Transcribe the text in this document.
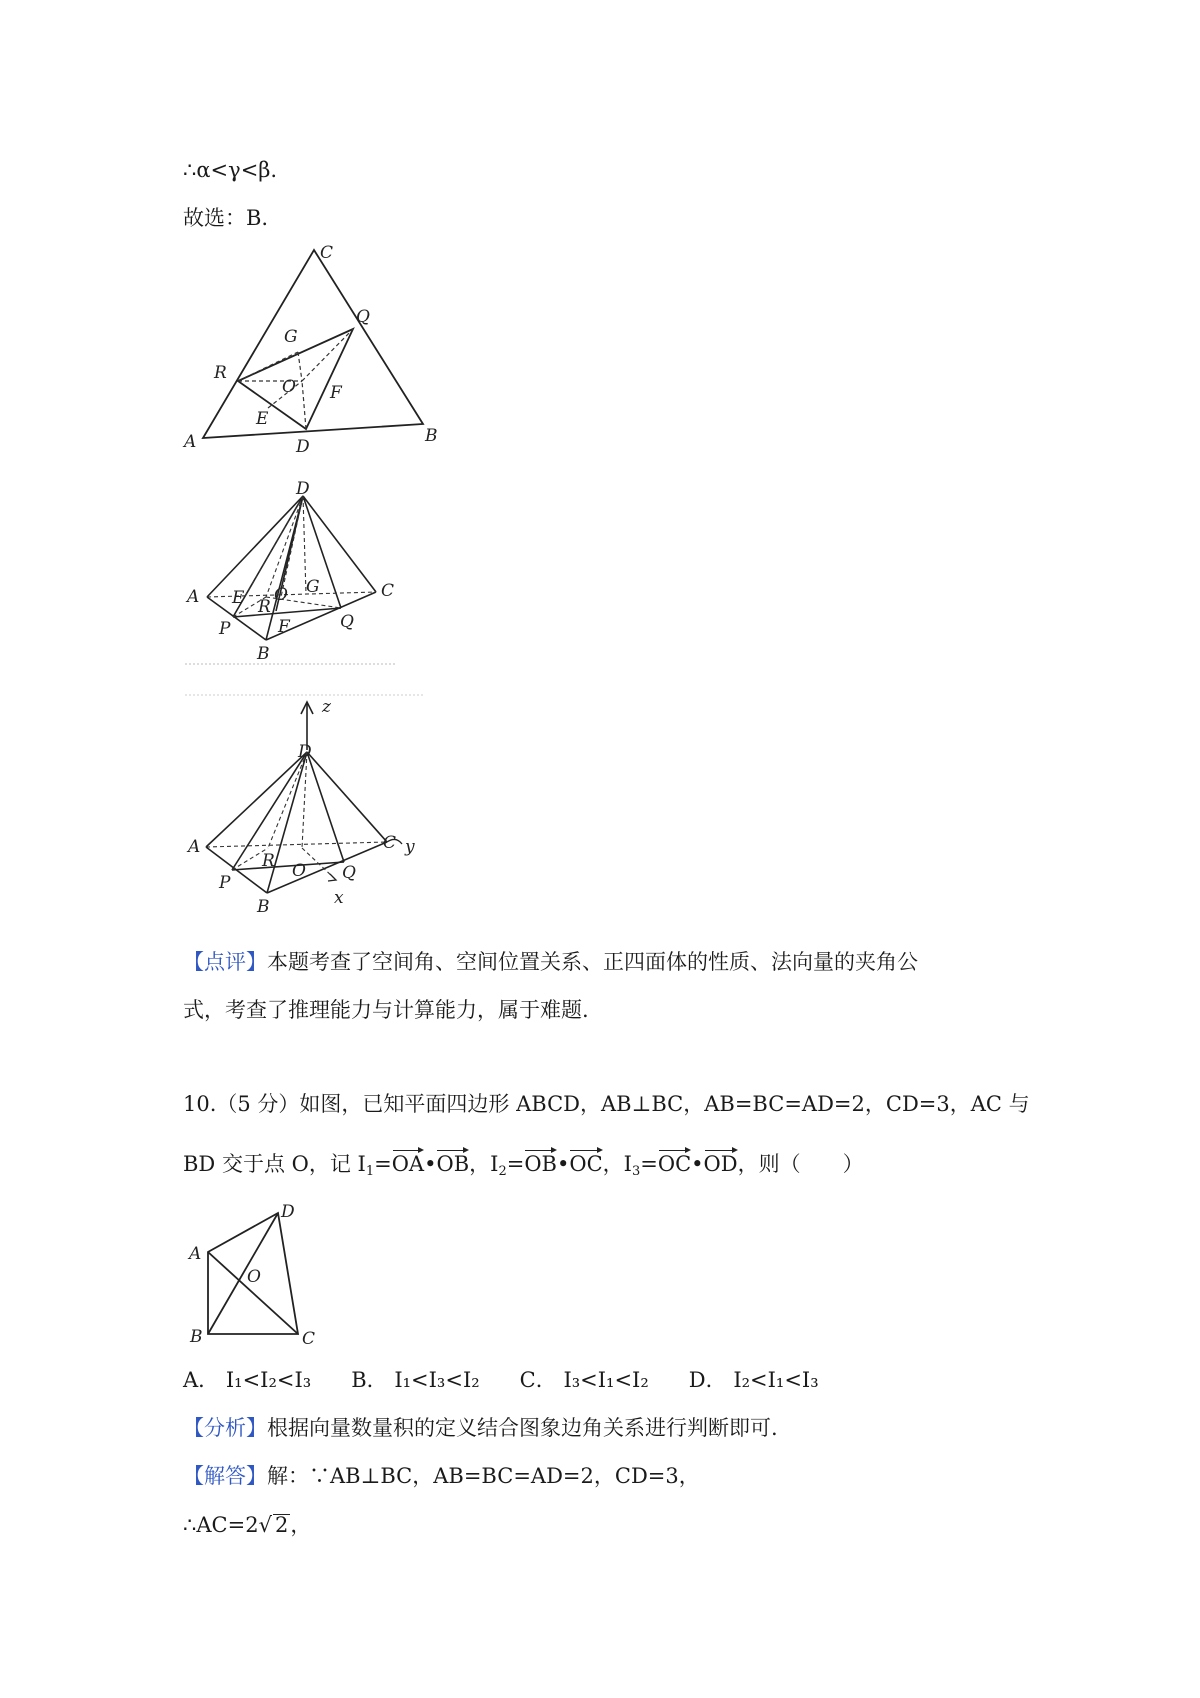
∴α<γ<β.
故选：B.
C
Q
G
R
O F
E
A	D
B
D
A E R
O G	C
P	F	Q
B
z
D
A	C y
R
P
O Q
x
B
【点评】本题考查了空间角、空间位置关系、正四面体的性质、法向量的夹角公
式，考查了推理能力与计算能力，属于难题.
10.（5 分）如图，已知平面四边形 ABCD，AB⊥BC，AB=BC=AD=2，CD=3，AC 与
BD 交于点 O，记 $I_1=OA•OB$，$I_2=OB•OC$，$I_3=OC•OD$，则（　　）
D
A
O
B	C
A． I₁<I₂<I₃ B． I₁<I₃<I₂ C． I₃<I₁<I₂ D． I₂<I₁<I₃
【分析】根据向量数量积的定义结合图象边角关系进行判断即可.
【解答】解：∵AB⊥BC，AB=BC=AD=2，CD=3，
∴AC=2√ 2，
